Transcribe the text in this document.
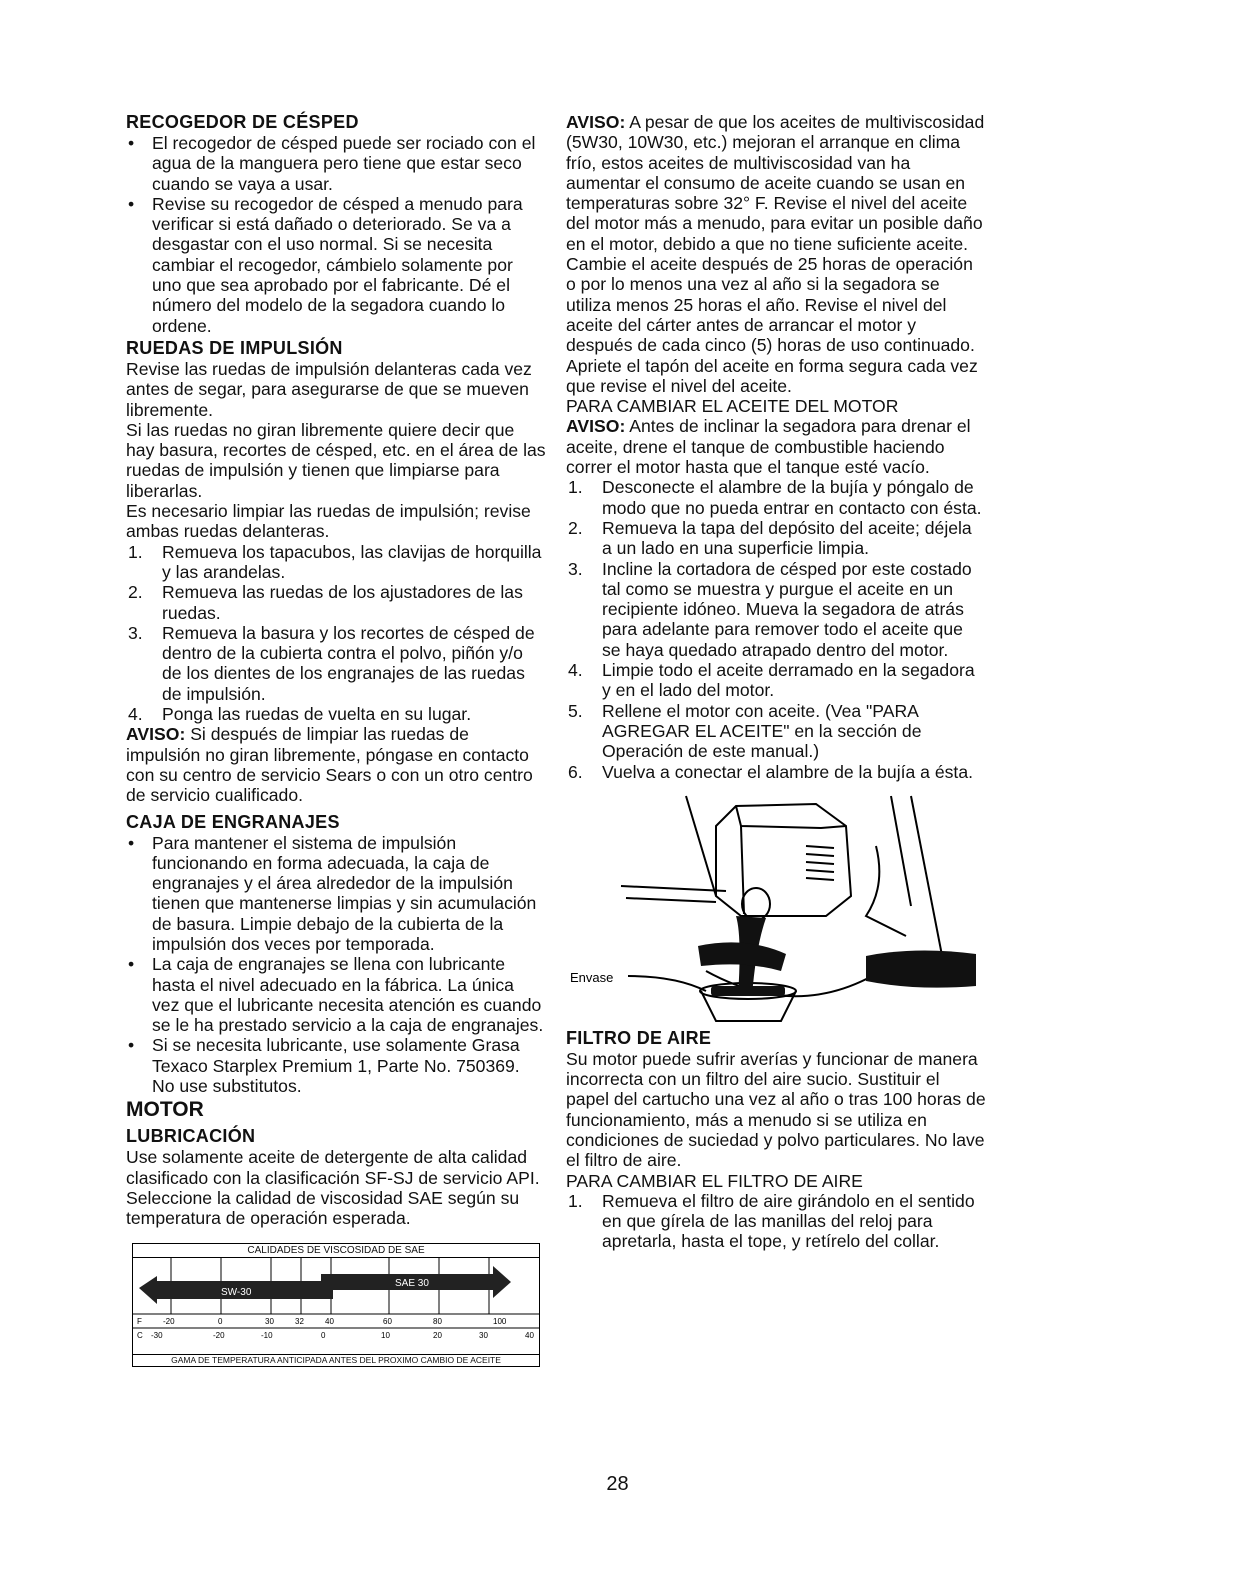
RECOGEDOR DE CÉSPED
• El recogedor de césped puede ser rociado con el agua de la manguera pero tiene que estar seco cuando se vaya a usar.
• Revise su recogedor de césped a menudo para verificar si está dañado o deteriorado. Se va a desgastar con el uso normal. Si se necesita cambiar el recogedor, cámbielo solamente por uno que sea aprobado por el fabricante. Dé el número del modelo de la segadora cuando lo ordene.
RUEDAS DE IMPULSIÓN

Revise las ruedas de impulsión delanteras cada vez antes de segar, para asegurarse de que se mueven libremente.

Si las ruedas no giran libremente quiere decir que hay basura, recortes de césped, etc. en el área de las ruedas de impulsión y tienen que limpiarse para liberarlas.

Es necesario limpiar las ruedas de impulsión; revise ambas ruedas delanteras.

1. Remueva los tapacubos, las clavijas de horquilla y las arandelas.
2. Remueva las ruedas de los ajustadores de las ruedas.
3. Remueva la basura y los recortes de césped de dentro de la cubierta contra el polvo, piñón y/o de los dientes de los engranajes de las ruedas de impulsión.
4. Ponga las ruedas de vuelta en su lugar.

AVISO: Si después de limpiar las ruedas de impulsión no giran libremente, póngase en contacto con su centro de servicio Sears o con un otro centro de servicio cualificado.

CAJA DE ENGRANAJES
• Para mantener el sistema de impulsión funcionando en forma adecuada, la caja de engranajes y el área alrededor de la impulsión tienen que mantenerse limpias y sin acumulación de basura. Limpie debajo de la cubierta de la impulsión dos veces por temporada.
• La caja de engranajes se llena con lubricante hasta el nivel adecuado en la fábrica. La única vez que el lubricante necesita atención es cuando se le ha prestado servicio a la caja de engranajes.
• Si se necesita lubricante, use solamente Grasa Texaco Starplex Premium 1, Parte No. 750369. No use substitutos.
MOTOR
LUBRICACIÓN

Use solamente aceite de detergente de alta calidad clasificado con la clasificación SF-SJ de servicio API. Seleccione la calidad de viscosidad SAE según su temperatura de operación esperada.

CALIDADES DE VISCOSIDAD DE SAE
SW-30
SAE 30
F	-20	0	30	32	40	60	80	100
C -30	-20	-10	0	10	20	30	40
GAMA DE TEMPERATURA ANTICIPADA ANTES DEL PROXIMO CAMBIO DE ACEITE

AVISO: A pesar de que los aceites de multiviscosidad (5W30, 10W30, etc.) mejoran el arranque en clima frío, estos aceites de multiviscosidad van ha aumentar el consumo de aceite cuando se usan en temperaturas sobre 32° F. Revise el nivel del aceite del motor más a menudo, para evitar un posible daño en el motor, debido a que no tiene suficiente aceite.

Cambie el aceite después de 25 horas de operación o por lo menos una vez al año si la segadora se utiliza menos 25 horas el año. Revise el nivel del aceite del cárter antes de arrancar el motor y después de cada cinco (5) horas de uso continuado. Apriete el tapón del aceite en forma segura cada vez que revise el nivel del aceite.

PARA CAMBIAR EL ACEITE DEL MOTOR

AVISO: Antes de inclinar la segadora para drenar el aceite, drene el tanque de combustible haciendo correr el motor hasta que el tanque esté vacío.

1. Desconecte el alambre de la bujía y póngalo de modo que no pueda entrar en contacto con ésta.
2. Remueva la tapa del depósito del aceite; déjela a un lado en una superficie limpia.
3. Incline la cortadora de césped por este costado tal como se muestra y purgue el aceite en un recipiente idóneo. Mueva la segadora de atrás para adelante para remover todo el aceite que se haya quedado atrapado dentro del motor.
4. Limpie todo el aceite derramado en la segadora y en el lado del motor.
5. Rellene el motor con aceite. (Vea "PARA AGREGAR EL ACEITE" en la sección de Operación de este manual.)
6. Vuelva a conectar el alambre de la bujía a ésta.
Envase
FILTRO DE AIRE

Su motor puede sufrir averías y funcionar de manera incorrecta con un filtro del aire sucio. Sustituir el papel del cartucho una vez al año o tras 100 horas de funcionamiento, más a menudo si se utiliza en condiciones de suciedad y polvo particulares. No lave el filtro de aire.

PARA CAMBIAR EL FILTRO DE AIRE

1. Remueva el filtro de aire girándolo en el sentido en que gírela de las manillas del reloj para apretarla, hasta el tope, y retírelo del collar.
28
